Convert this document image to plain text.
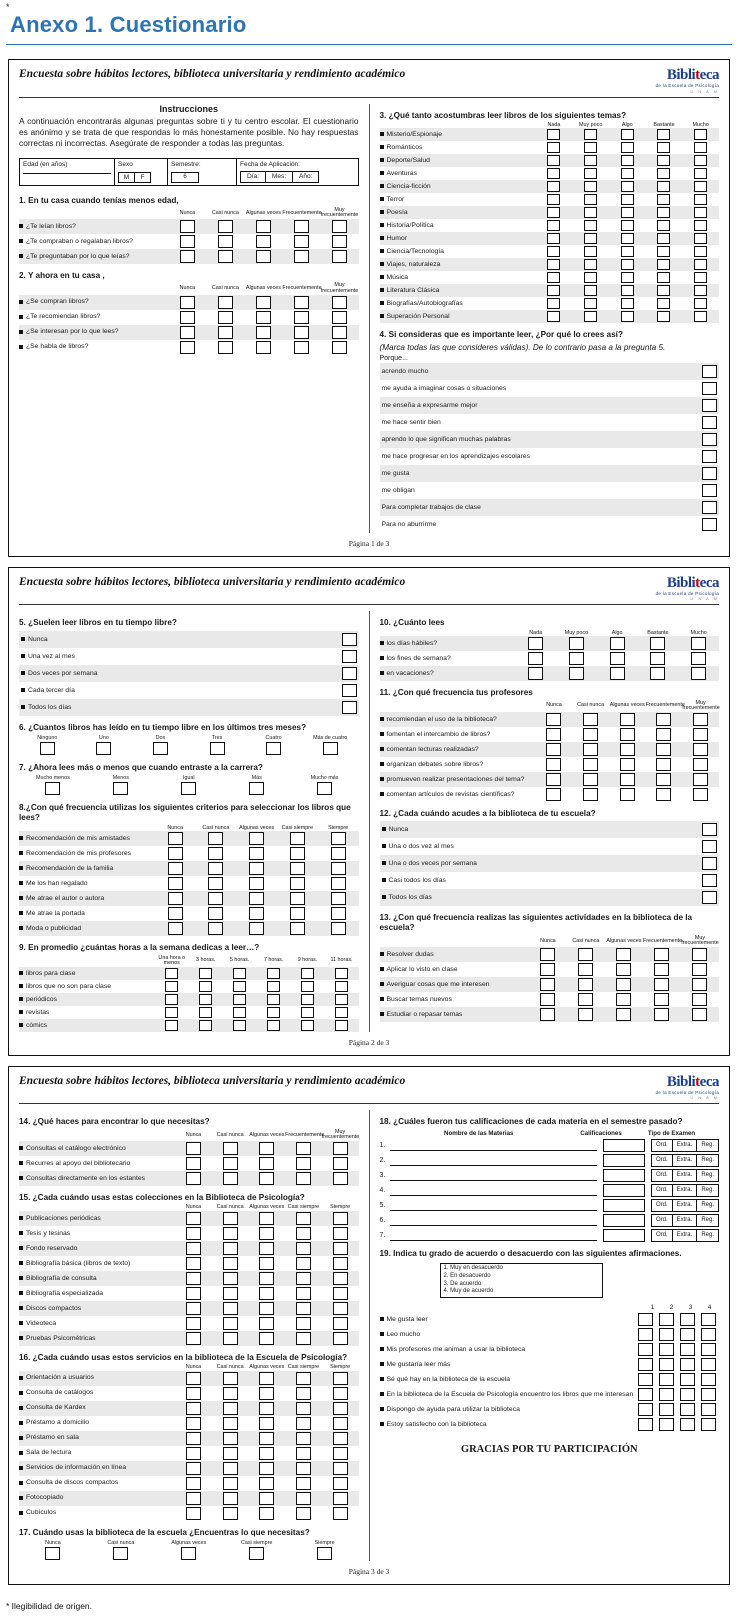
*
Anexo 1. Cuestionario
Encuesta sobre hábitos lectores, biblioteca universitaria y rendimiento académico	Bibliteca
de la Escuela de Psicología
U N A M
Instrucciones
A continuación encontrarás algunas preguntas sobre ti y tu centro escolar. El cuestionario es anónimo y se trata de que respondas lo más honestamente posible. No hay respuestas correctas ni incorrectas. Asegúrate de responder a todas las preguntas.
Edad (en años)	Sexo
M	F
Semestre:
6
Fecha de Aplicación:
Día:	Mes:	Año:
1. En tu casa cuando tenías menos edad,
	Nunca	Casi nunca	Algunas veces	Frecuentemente	Muy frecuentemente
¿Te leían libros?	

¿Te compraban o regalaban libros?	

¿Te preguntaban por lo que leías?	

2. Y ahora en tu casa ,
	Nunca	Casi nunca	Algunas veces	Frecuentemente	Muy frecuentemente
¿Se compran libros?	

¿Te recomiendan libros?	

¿Se interesan por lo que lees?	

¿Se habla de libros?	

3. ¿Qué tanto acostumbras leer libros de los siguientes temas?
	Nada	Muy poco	Algo	Bastante	Mucho
Misterio/Espionaje	

Románticos	

Deporte/Salud	

Aventuras	

Ciencia-ficción	

Terror	

Poesía	

Historia/Política	

Humor	

Ciencia/Tecnología	

Viajes, naturaleza	

Música	

Literatura Clásica	

Biografías/Autobiografías	

Superación Personal	

4. Si consideras que es importante leer, ¿Por qué lo crees así?
(Marca todas las que consideres válidas). De lo contrario pasa a la pregunta 5.
Porque...
acrendo mucho
me ayuda a imaginar cosas o situaciones
me enseña a expresarme mejor
me hace sentir bien
aprendo lo que significan muchas palabras
me hace progresar en los aprendizajes escolares
me gusta
me obligan
Para completar trabajos de clase
Para no aburrirme
Página 1 de 3
Encuesta sobre hábitos lectores, biblioteca universitaria y rendimiento académico	Bibliteca
de la Escuela de Psicología
U N A M
5. ¿Suelen leer libros en tu tiempo libre?
Nunca
Una vez al mes
Dos veces por semana
Cada tercer día
Todos los días
6. ¿Cuantos libros has leído en tu tiempo libre en los últimos tres meses?
Ninguno	Uno	Dos	Tres	Cuatro	Más de cuatro
7. ¿Ahora lees más o menos que cuando entraste a la carrera?
Mucho menos	Menos	Igual	Más	Mucho más
8.¿Con qué frecuencia utilizas los siguientes criterios para seleccionar los libros que lees?
	Nunca	Casi nunca	Algunas veces	Casi siempre	Siempre
Recomendación de mis amistades	

Recomendación de mis profesores	

Recomendación de la familia	

Me los han regalado	

Me atrae el autor o autora	

Me atrae la portada	

Moda o publicidad	

9. En promedio ¿cuántas horas a la semana dedicas a leer…?
	Una hora o menos	3 horas.	5 horas.	7 horas.	9 horas.	11 horas.
libros para clase	

libros que no son para clase	

periódicos	

revistas	

cómics	

10. ¿Cuánto lees
	Nada	Muy poco	Algo	Bastante	Mucho
los días hábiles?	

los fines de semana?	

en vacaciones?	

11. ¿Con qué frecuencia tus profesores
	Nunca	Casi nunca	Algunas veces	Frecuentemente	Muy frecuentemente
recomiendan el uso de la biblioteca?	

fomentan el intercambio de libros?	

comentan lecturas realizadas?	

organizan debates sobre libros?	

promueven realizar presentaciones del tema?	

comentan artículos de revistas científicas?	

12. ¿Cada cuándo acudes a la biblioteca de tu escuela?
Nunca
Una o dos vez al mes
Una o dos veces por semana
Casi todos los días
Todos los días
13. ¿Con qué frecuencia realizas las siguientes actividades en la biblioteca de la escuela?
	Nunca	Casi nunca	Algunas veces	Frecuentemente	Muy frecuentemente
Resolver dudas	

Aplicar lo visto en clase	

Averiguar cosas que me interesen	

Buscar temas nuevos	

Estudiar o repasar temas	

Página 2 de 3
Encuesta sobre hábitos lectores, biblioteca universitaria y rendimiento académico	Bibliteca
de la Escuela de Psicología
U N A M
14. ¿Qué haces para encontrar lo que necesitas?
	Nunca	Casi nunca	Algunas veces	Frecuentemente	Muy frecuentemente
Consultas el catálogo electrónico	

Recurres al apoyo del bibliotecario	

Consultas directamente en los estantes	

15. ¿Cada cuándo usas estas colecciones en la Biblioteca de Psicología?
	Nunca	Casi nunca	Algunas veces	Casi siempre	Siempre
Publicaciones periódicas	

Tesis y tesinas	

Fondo reservado	

Bibliografía básica (libros de texto)	

Bibliografía de consulta	

Bibliografía especializada	

Discos compactos	

Videoteca	

Pruebas Psicométricas	

16. ¿Cada cuándo usas estos servicios en la biblioteca de la Escuela de Psicología?
	Nunca	Casi nunca	Algunas veces	Casi siempre	Siempre
Orientación a usuarios	

Consulta de catálogos	

Consulta de Kardex	

Préstamo a domicilio	

Préstamo en sala	

Sala de lectura	

Servicios de información en línea	

Consulta de discos compactos	

Fotocopiado	

Cubículos	

17. Cuándo usas la biblioteca de la escuela ¿Encuentras lo que necesitas?
Nunca	Casi nunca	Algunas veces	Casi siempre	Siempre
18. ¿Cuáles fueron tus calificaciones de cada materia en el semestre pasado?
Nombre de las Materias	Calificaciones	Tipo de Examen
1.	Ord.	Extra.	Reg.
2.	Ord.	Extra.	Reg.
3.	Ord.	Extra.	Reg.
4.	Ord.	Extra.	Reg.
5.	Ord.	Extra.	Reg.
6.	Ord.	Extra.	Reg.
7.	Ord.	Extra.	Reg.
19. Indica tu grado de acuerdo o desacuerdo con las siguientes afirmaciones.
1. Muy en desacuerdo
2. En desacuerdo
3. De acuerdo
4. Muy de acuerdo
1	2	3	4
Me gusta leer
Leo mucho
Mis profesores me animan a usar la biblioteca
Me gustaría leer más
Sé qué hay en la biblioteca de la escuela
En la biblioteca de la Escuela de Psicología encuentro los libros que me interesan
Dispongo de ayuda para utilizar la biblioteca
Estoy satisfecho con la biblioteca
GRACIAS POR TU PARTICIPACIÓN
Página 3 de 3
* Ilegibilidad de origen.
